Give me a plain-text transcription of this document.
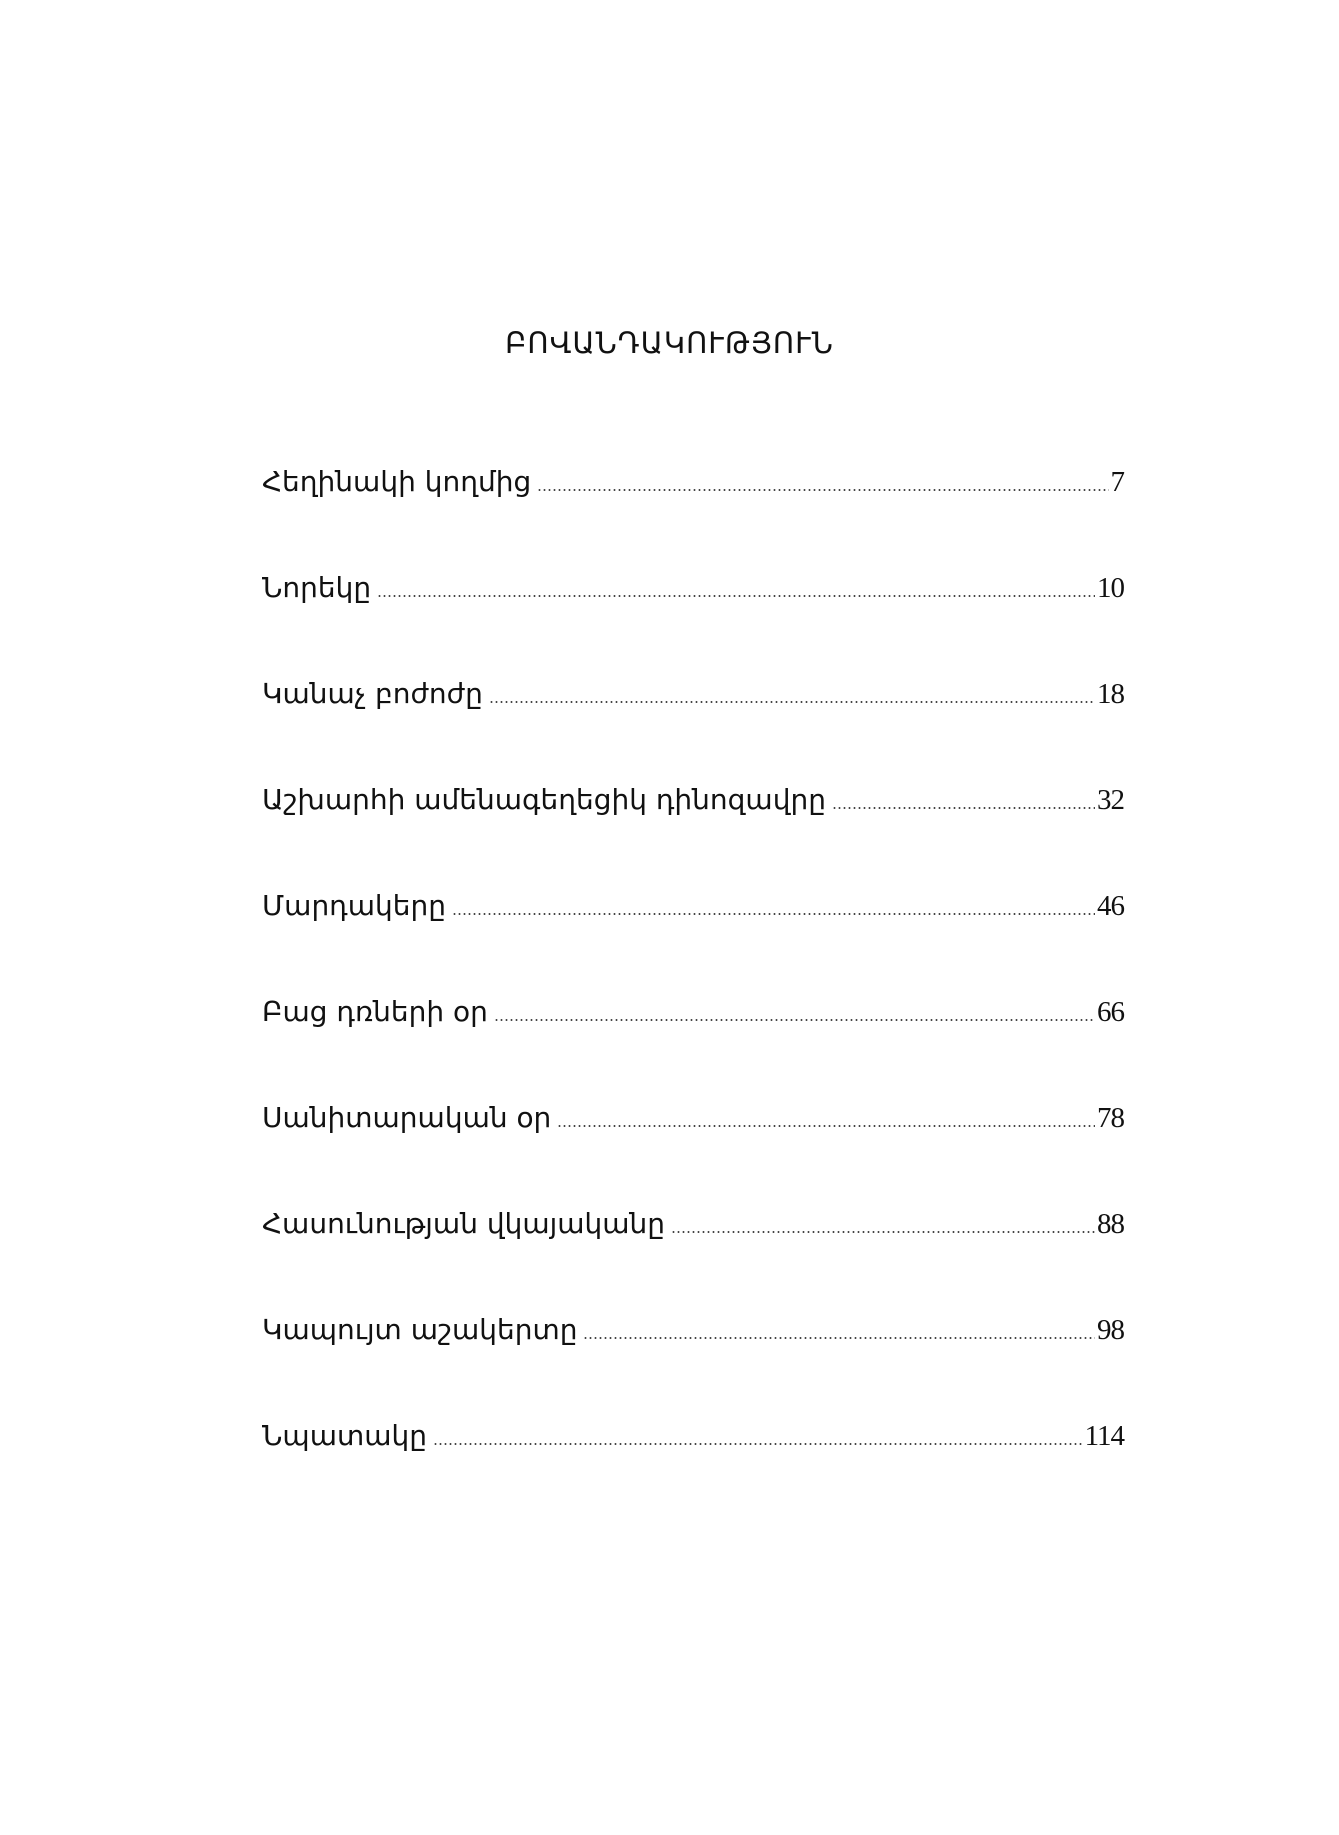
ԲՈՎԱՆԴԱԿՈՒԹՅՈՒՆ
Հեղինակի կողմից	7
Նորեկը	10
Կանաչ բոժոժը	18
Աշխարհի ամենագեղեցիկ դինոզավրը	32
Մարդակերը	46
Բաց դռների օր	66
Սանիտարական օր	78
Հասունության վկայականը	88
Կապույտ աշակերտը	98
Նպատակը	114
